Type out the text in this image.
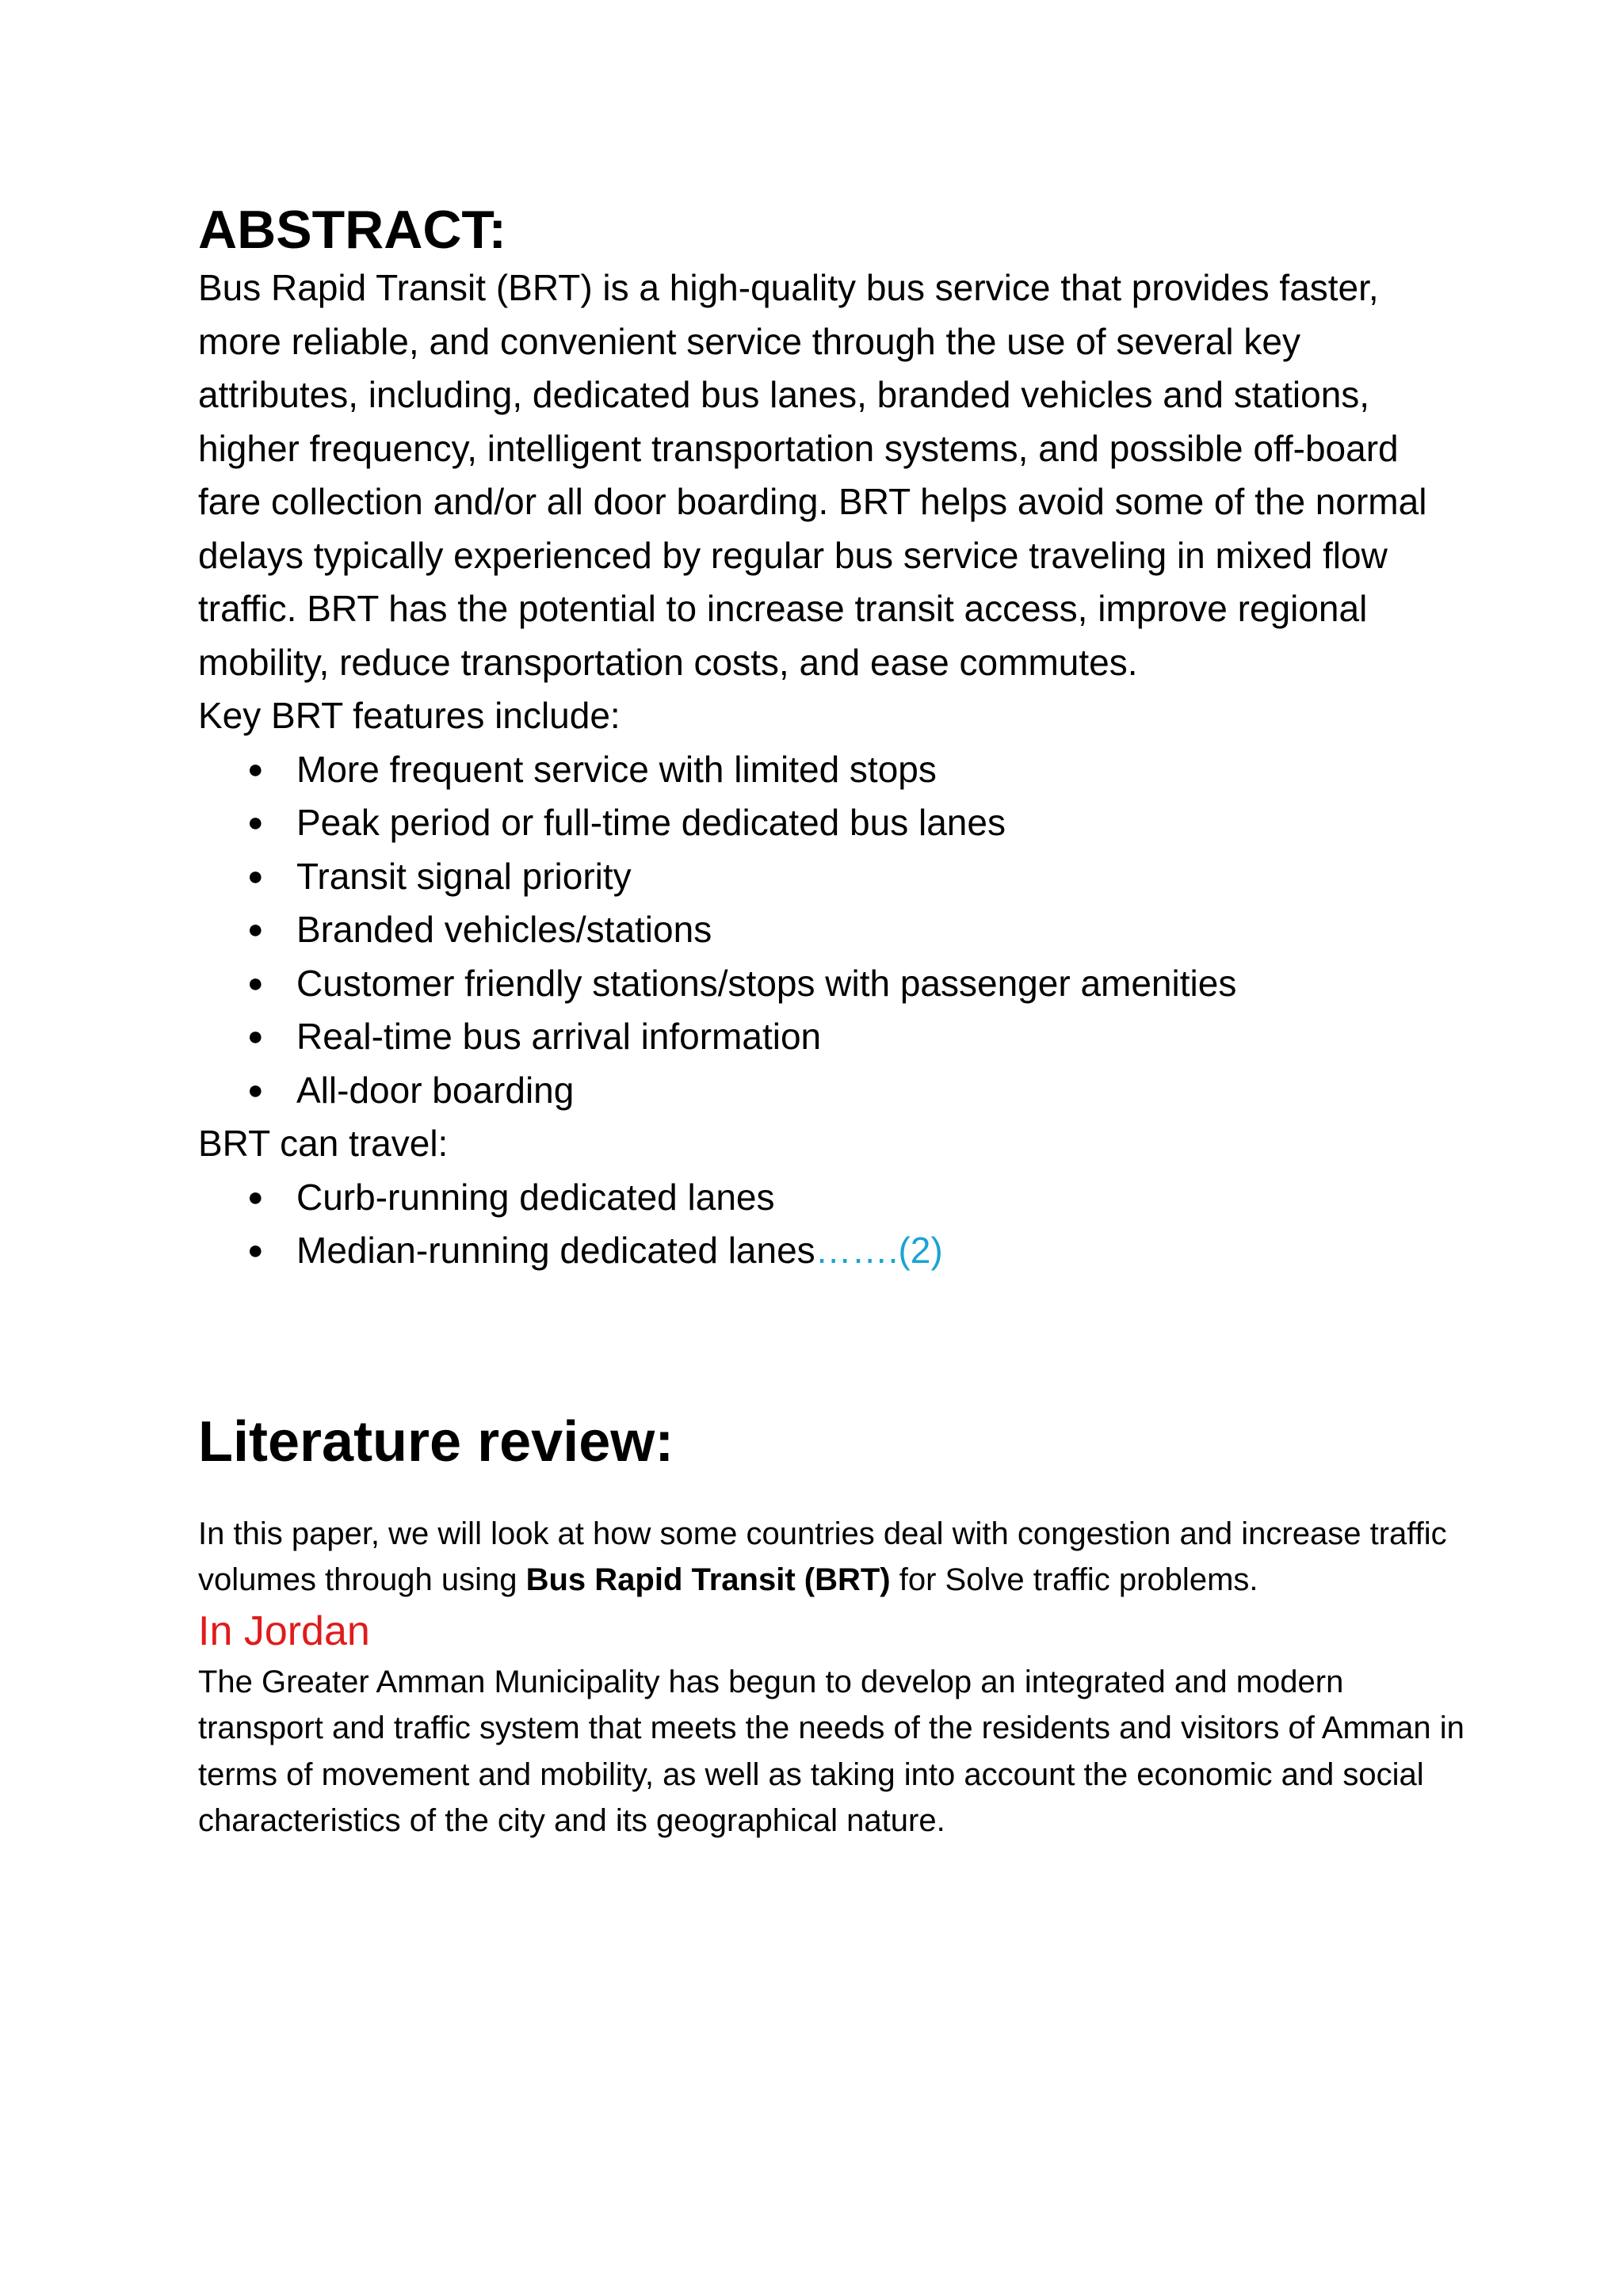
ABSTRACT:

Bus Rapid Transit (BRT) is a high-quality bus service that provides faster, more reliable, and convenient service through the use of several key attributes, including, dedicated bus lanes, branded vehicles and stations, higher frequency, intelligent transportation systems, and possible off-board fare collection and/or all door boarding. BRT helps avoid some of the normal delays typically experienced by regular bus service traveling in mixed flow traffic. BRT has the potential to increase transit access, improve regional mobility, reduce transportation costs, and ease commutes.

Key BRT features include:

● More frequent service with limited stops
● Peak period or full-time dedicated bus lanes
● Transit signal priority
● Branded vehicles/stations
● Customer friendly stations/stops with passenger amenities
● Real-time bus arrival information
● All-door boarding

BRT can travel:

● Curb-running dedicated lanes
● Median-running dedicated lanes…….(2)
Literature review:

In this paper, we will look at how some countries deal with congestion and increase traffic volumes through using Bus Rapid Transit (BRT) for Solve traffic problems.

In Jordan

The Greater Amman Municipality has begun to develop an integrated and modern transport and traffic system that meets the needs of the residents and visitors of Amman in terms of movement and mobility, as well as taking into account the economic and social characteristics of the city and its geographical nature.
